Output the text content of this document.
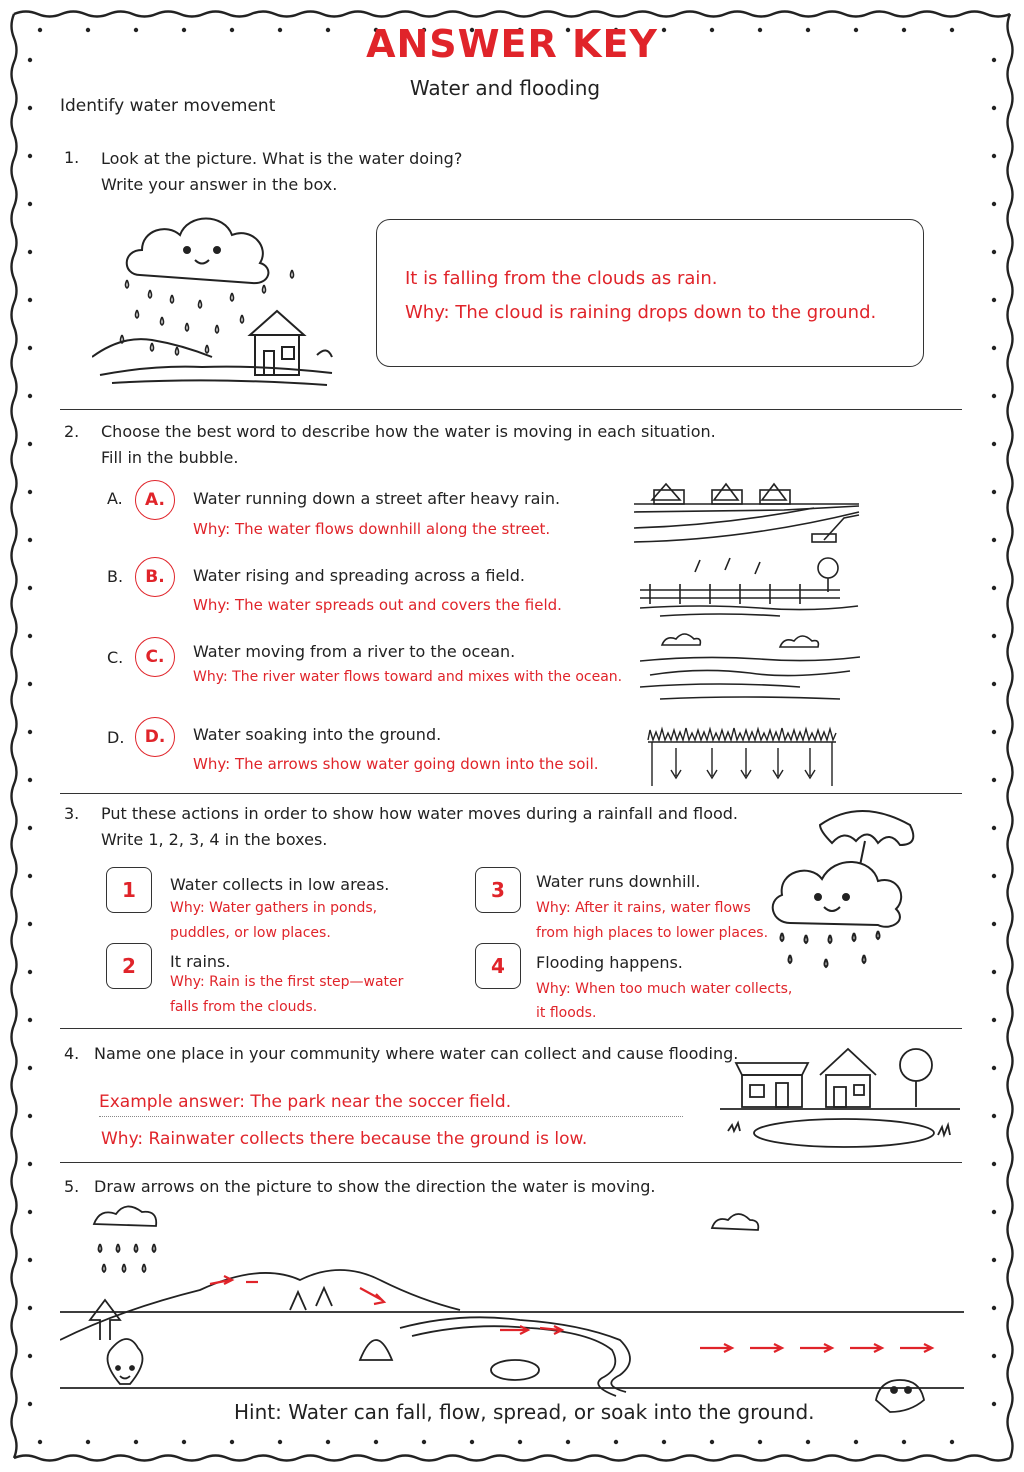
ANSWER KEY
Water and flooding
Identify water movement
1. Look at the picture. What is the water doing?
Write your answer in the box.
It is falling from the clouds as rain.
Why: The cloud is raining drops down to the ground.
2. Choose the best word to describe how the water is moving in each situation.
Fill in the bubble.
A.	A.	Water running down a street after heavy rain.
Why: The water flows downhill along the street.
B.	B.	Water rising and spreading across a field.
Why: The water spreads out and covers the field.
C.	C.	Water moving from a river to the ocean.
Why: The river water flows toward and mixes with the ocean.
D.	D.	Water soaking into the ground.
Why: The arrows show water going down into the soil.
3. Put these actions in order to show how water moves during a rainfall and flood.
Write 1, 2, 3, 4 in the boxes.
1	Water collects in low areas.
Why: Water gathers in ponds,
puddles, or low places.
2	It rains.
Why: Rain is the first step—water
falls from the clouds.
3	Water runs downhill.
Why: After it rains, water flows
from high places to lower places.
4	Flooding happens.
Why: When too much water collects,
it floods.
4. Name one place in your community where water can collect and cause flooding.
Example answer: The park near the soccer field.
Why: Rainwater collects there because the ground is low.
5. Draw arrows on the picture to show the direction the water is moving.
Hint: Water can fall, flow, spread, or soak into the ground.
